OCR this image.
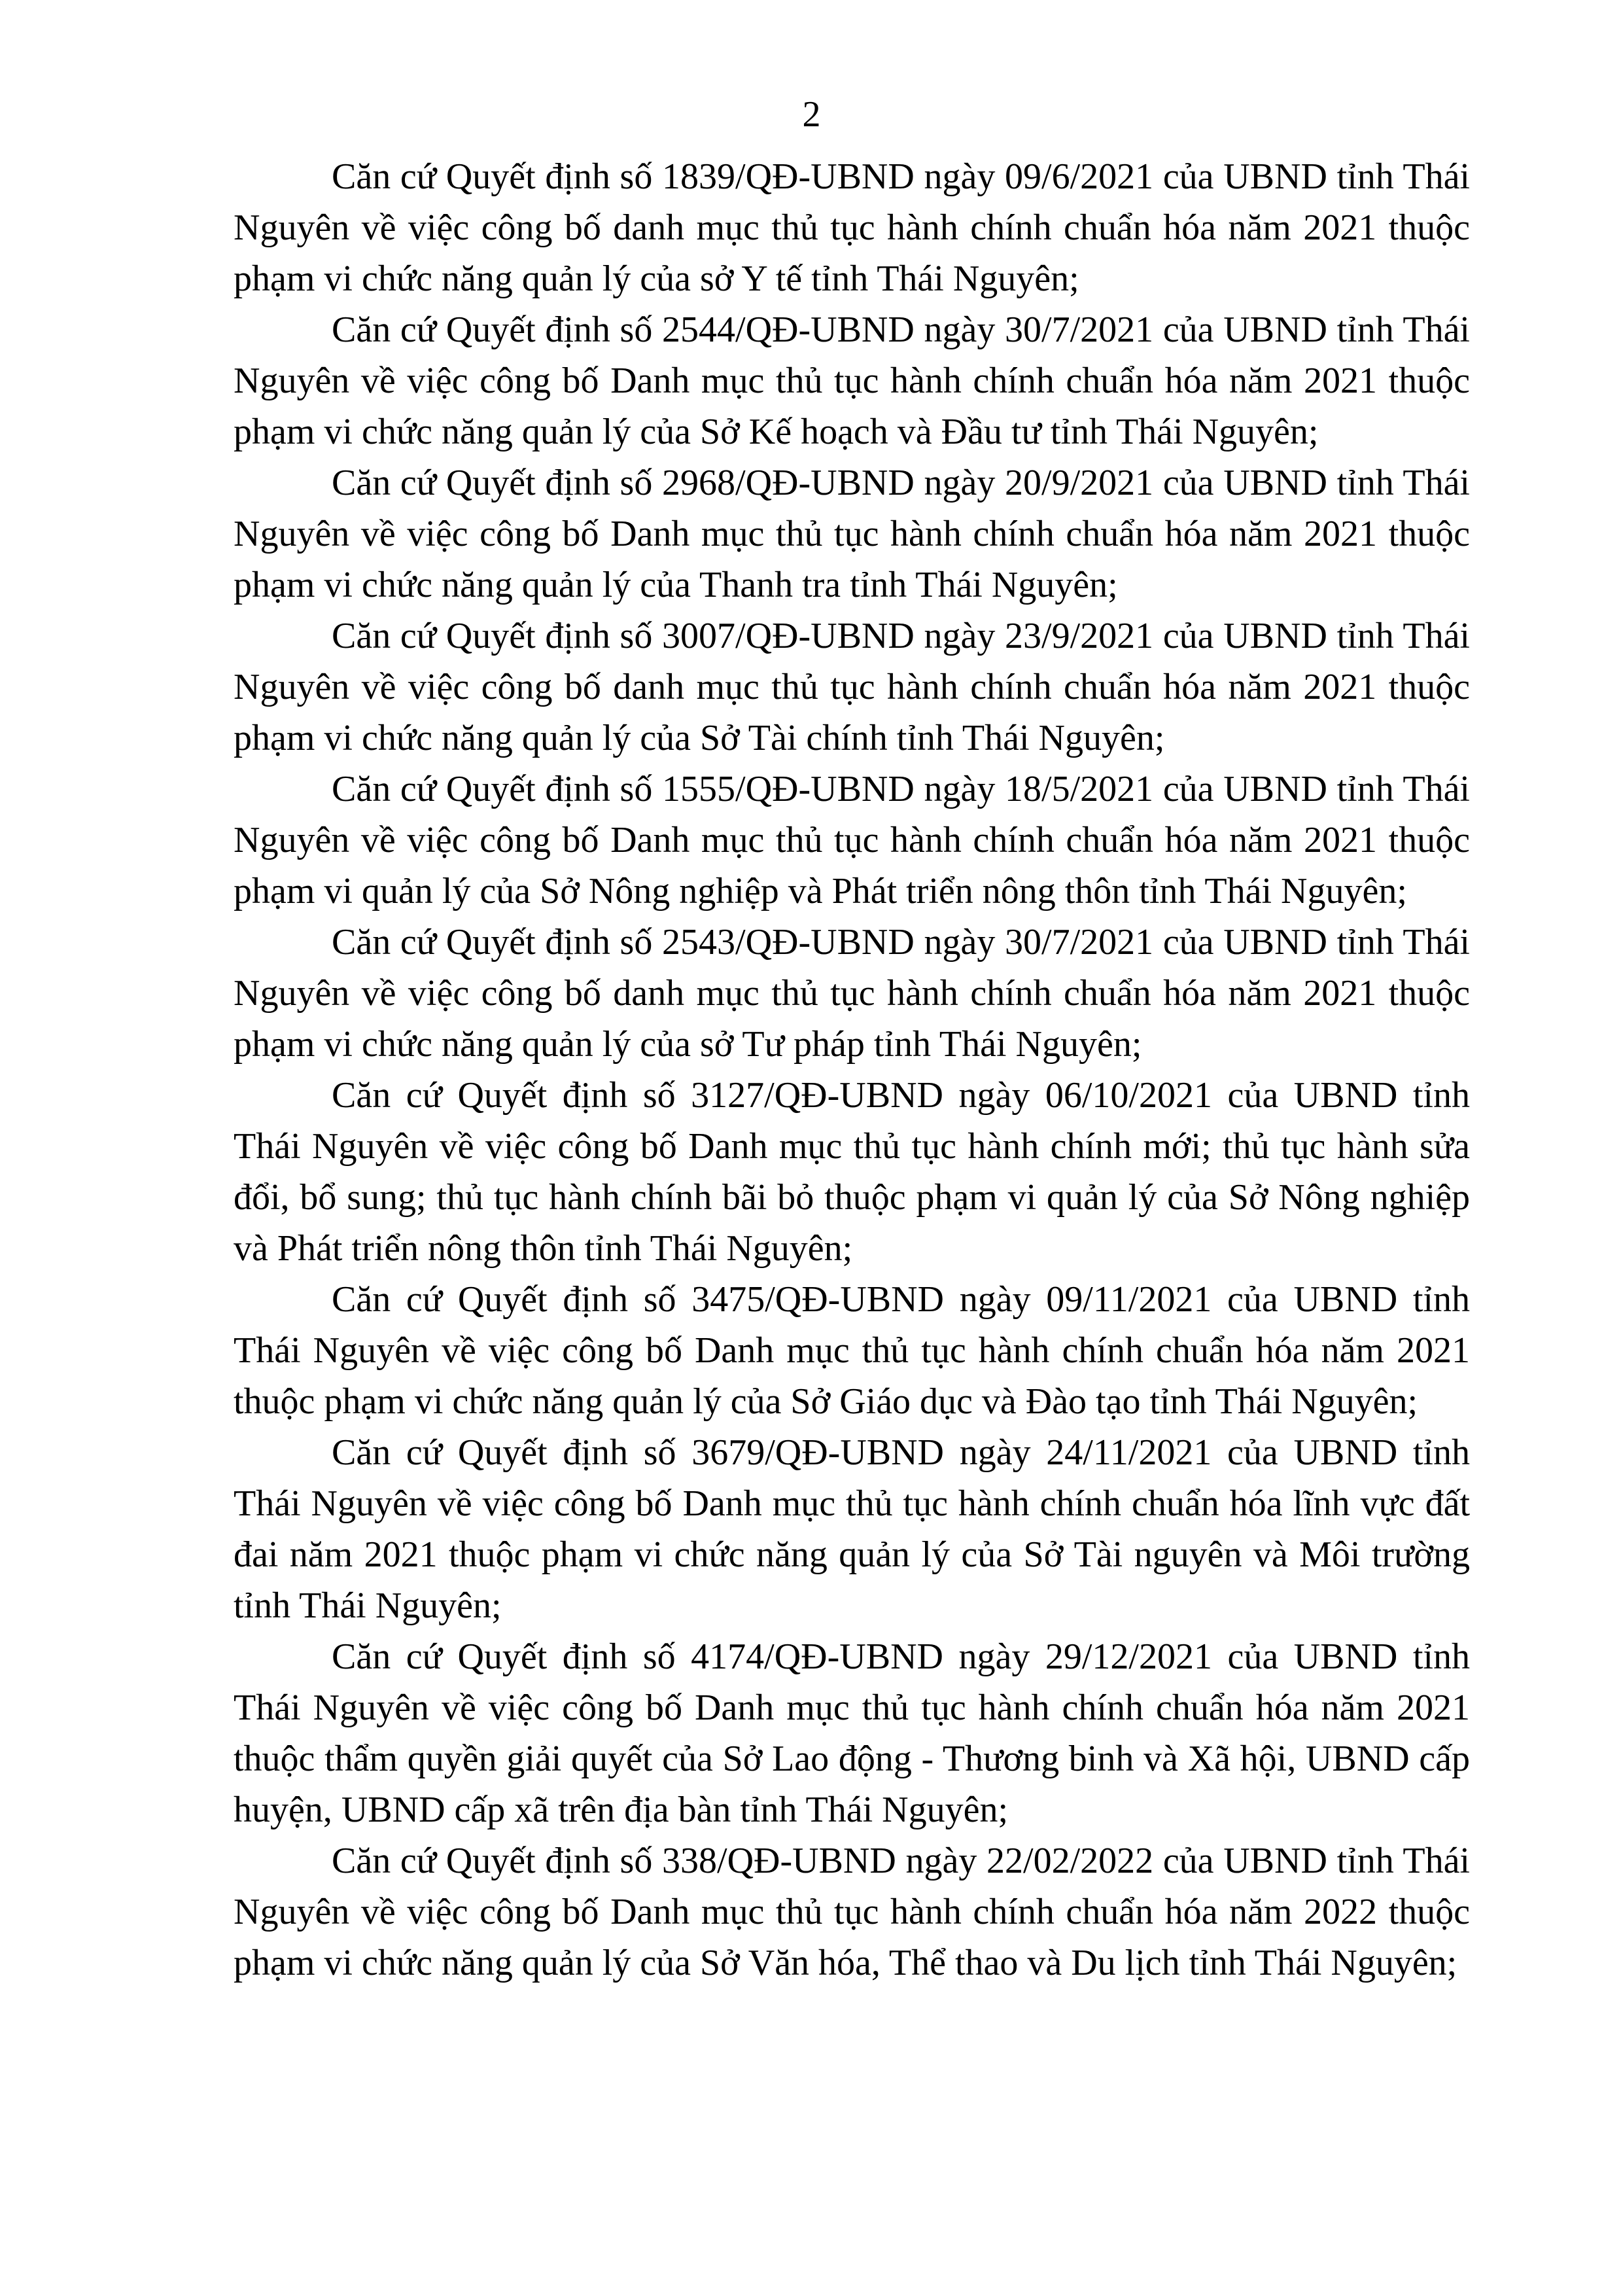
2

Căn cứ Quyết định số 1839/QĐ-UBND ngày 09/6/2021 của UBND tỉnh Thái Nguyên về việc công bố danh mục thủ tục hành chính chuẩn hóa năm 2021 thuộc phạm vi chức năng quản lý của sở Y tế tỉnh Thái Nguyên;

Căn cứ Quyết định số 2544/QĐ-UBND ngày 30/7/2021 của UBND tỉnh Thái Nguyên về việc công bố Danh mục thủ tục hành chính chuẩn hóa năm 2021 thuộc phạm vi chức năng quản lý của Sở Kế hoạch và Đầu tư tỉnh Thái Nguyên;

Căn cứ Quyết định số 2968/QĐ-UBND ngày 20/9/2021 của UBND tỉnh Thái Nguyên về việc công bố Danh mục thủ tục hành chính chuẩn hóa năm 2021 thuộc phạm vi chức năng quản lý của Thanh tra tỉnh Thái Nguyên;

Căn cứ Quyết định số 3007/QĐ-UBND ngày 23/9/2021 của UBND tỉnh Thái Nguyên về việc công bố danh mục thủ tục hành chính chuẩn hóa năm 2021 thuộc phạm vi chức năng quản lý của Sở Tài chính tỉnh Thái Nguyên;

Căn cứ Quyết định số 1555/QĐ-UBND ngày 18/5/2021 của UBND tỉnh Thái Nguyên về việc công bố Danh mục thủ tục hành chính chuẩn hóa năm 2021 thuộc phạm vi quản lý của Sở Nông nghiệp và Phát triển nông thôn tỉnh Thái Nguyên;

Căn cứ Quyết định số 2543/QĐ-UBND ngày 30/7/2021 của UBND tỉnh Thái Nguyên về việc công bố danh mục thủ tục hành chính chuẩn hóa năm 2021 thuộc phạm vi chức năng quản lý của sở Tư pháp tỉnh Thái Nguyên;

Căn cứ Quyết định số 3127/QĐ-UBND ngày 06/10/2021 của UBND tỉnh Thái Nguyên về việc công bố Danh mục thủ tục hành chính mới; thủ tục hành sửa đổi, bổ sung; thủ tục hành chính bãi bỏ thuộc phạm vi quản lý của Sở Nông nghiệp và Phát triển nông thôn tỉnh Thái Nguyên;

Căn cứ Quyết định số 3475/QĐ-UBND ngày 09/11/2021 của UBND tỉnh Thái Nguyên về việc công bố Danh mục thủ tục hành chính chuẩn hóa năm 2021 thuộc phạm vi chức năng quản lý của Sở Giáo dục và Đào tạo tỉnh Thái Nguyên;

Căn cứ Quyết định số 3679/QĐ-UBND ngày 24/11/2021 của UBND tỉnh Thái Nguyên về việc công bố Danh mục thủ tục hành chính chuẩn hóa lĩnh vực đất đai năm 2021 thuộc phạm vi chức năng quản lý của Sở Tài nguyên và Môi trường tỉnh Thái Nguyên;

Căn cứ Quyết định số 4174/QĐ-UBND ngày 29/12/2021 của UBND tỉnh Thái Nguyên về việc công bố Danh mục thủ tục hành chính chuẩn hóa năm 2021 thuộc thẩm quyền giải quyết của Sở Lao động - Thương binh và Xã hội, UBND cấp huyện, UBND cấp xã trên địa bàn tỉnh Thái Nguyên;

Căn cứ Quyết định số 338/QĐ-UBND ngày 22/02/2022 của UBND tỉnh Thái Nguyên về việc công bố Danh mục thủ tục hành chính chuẩn hóa năm 2022 thuộc phạm vi chức năng quản lý của Sở Văn hóa, Thể thao và Du lịch tỉnh Thái Nguyên;
